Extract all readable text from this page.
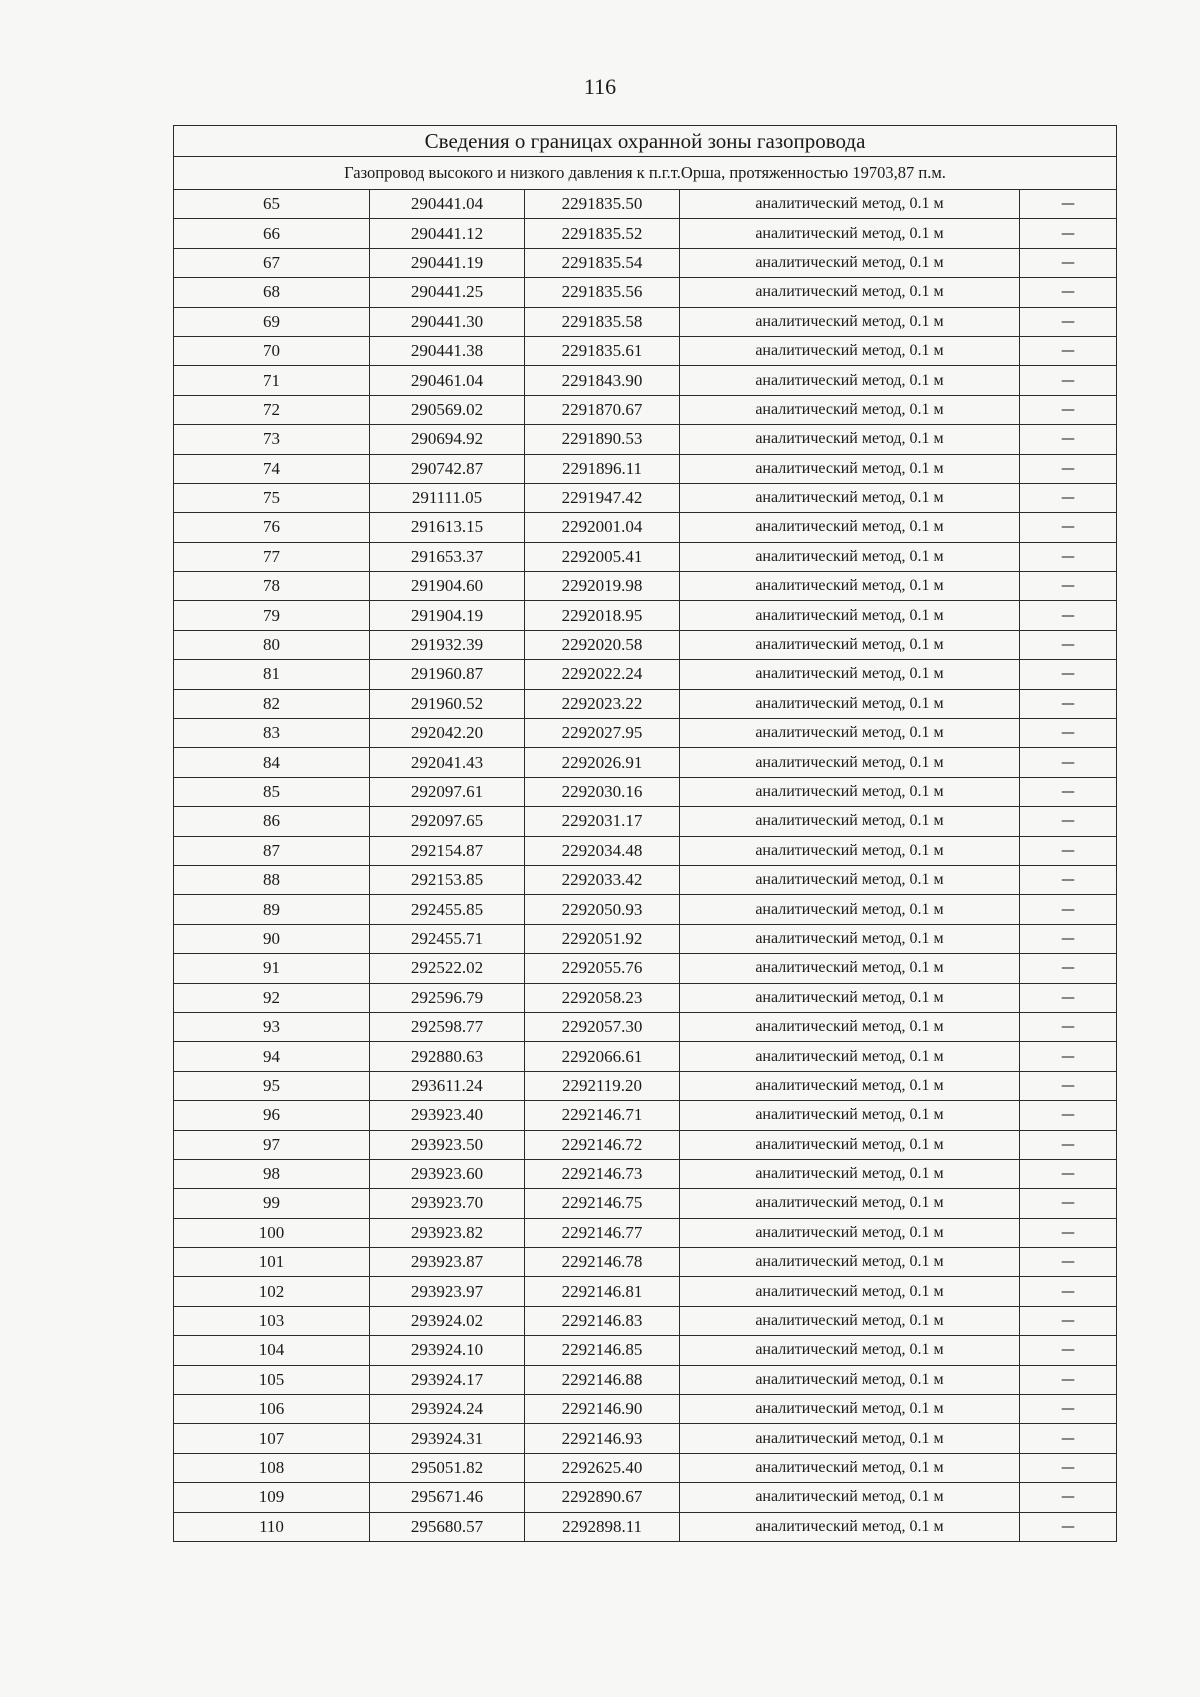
116
Сведения о границах охранной зоны газопровода				
Газопровод высокого и низкого давления к п.г.т.Орша, протяженностью 19703,87 п.м.				
65	290441.04	2291835.50	аналитический метод, 0.1 м	—
66	290441.12	2291835.52	аналитический метод, 0.1 м	—
67	290441.19	2291835.54	аналитический метод, 0.1 м	—
68	290441.25	2291835.56	аналитический метод, 0.1 м	—
69	290441.30	2291835.58	аналитический метод, 0.1 м	—
70	290441.38	2291835.61	аналитический метод, 0.1 м	—
71	290461.04	2291843.90	аналитический метод, 0.1 м	—
72	290569.02	2291870.67	аналитический метод, 0.1 м	—
73	290694.92	2291890.53	аналитический метод, 0.1 м	—
74	290742.87	2291896.11	аналитический метод, 0.1 м	—
75	291111.05	2291947.42	аналитический метод, 0.1 м	—
76	291613.15	2292001.04	аналитический метод, 0.1 м	—
77	291653.37	2292005.41	аналитический метод, 0.1 м	—
78	291904.60	2292019.98	аналитический метод, 0.1 м	—
79	291904.19	2292018.95	аналитический метод, 0.1 м	—
80	291932.39	2292020.58	аналитический метод, 0.1 м	—
81	291960.87	2292022.24	аналитический метод, 0.1 м	—
82	291960.52	2292023.22	аналитический метод, 0.1 м	—
83	292042.20	2292027.95	аналитический метод, 0.1 м	—
84	292041.43	2292026.91	аналитический метод, 0.1 м	—
85	292097.61	2292030.16	аналитический метод, 0.1 м	—
86	292097.65	2292031.17	аналитический метод, 0.1 м	—
87	292154.87	2292034.48	аналитический метод, 0.1 м	—
88	292153.85	2292033.42	аналитический метод, 0.1 м	—
89	292455.85	2292050.93	аналитический метод, 0.1 м	—
90	292455.71	2292051.92	аналитический метод, 0.1 м	—
91	292522.02	2292055.76	аналитический метод, 0.1 м	—
92	292596.79	2292058.23	аналитический метод, 0.1 м	—
93	292598.77	2292057.30	аналитический метод, 0.1 м	—
94	292880.63	2292066.61	аналитический метод, 0.1 м	—
95	293611.24	2292119.20	аналитический метод, 0.1 м	—
96	293923.40	2292146.71	аналитический метод, 0.1 м	—
97	293923.50	2292146.72	аналитический метод, 0.1 м	—
98	293923.60	2292146.73	аналитический метод, 0.1 м	—
99	293923.70	2292146.75	аналитический метод, 0.1 м	—
100	293923.82	2292146.77	аналитический метод, 0.1 м	—
101	293923.87	2292146.78	аналитический метод, 0.1 м	—
102	293923.97	2292146.81	аналитический метод, 0.1 м	—
103	293924.02	2292146.83	аналитический метод, 0.1 м	—
104	293924.10	2292146.85	аналитический метод, 0.1 м	—
105	293924.17	2292146.88	аналитический метод, 0.1 м	—
106	293924.24	2292146.90	аналитический метод, 0.1 м	—
107	293924.31	2292146.93	аналитический метод, 0.1 м	—
108	295051.82	2292625.40	аналитический метод, 0.1 м	—
109	295671.46	2292890.67	аналитический метод, 0.1 м	—
110	295680.57	2292898.11	аналитический метод, 0.1 м	—
